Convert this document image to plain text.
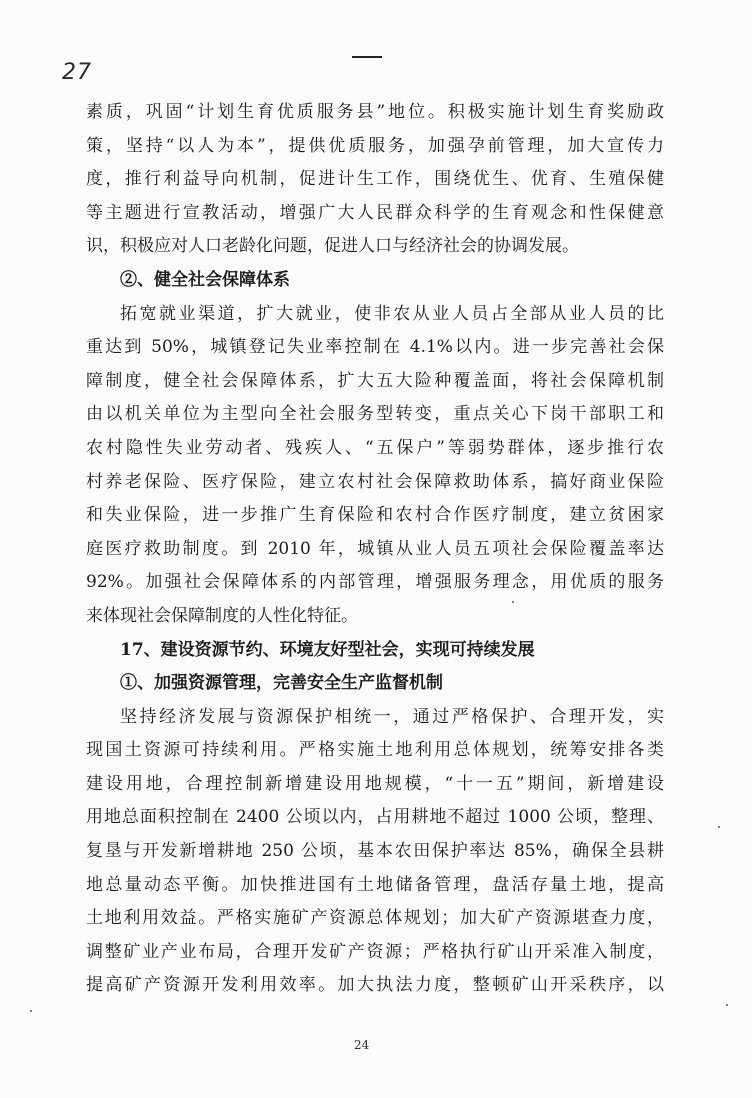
27
素质，巩固“计划生育优质服务县”地位。积极实施计划生育奖励政
策，坚持“以人为本”，提供优质服务，加强孕前管理，加大宣传力
度，推行利益导向机制，促进计生工作，围绕优生、优育、生殖保健
等主题进行宣教活动，增强广大人民群众科学的生育观念和性保健意
识，积极应对人口老龄化问题，促进人口与经济社会的协调发展。
②、健全社会保障体系
拓宽就业渠道，扩大就业，使非农从业人员占全部从业人员的比
重达到 50%，城镇登记失业率控制在 4.1%以内。进一步完善社会保
障制度，健全社会保障体系，扩大五大险种覆盖面，将社会保障机制
由以机关单位为主型向全社会服务型转变，重点关心下岗干部职工和
农村隐性失业劳动者、残疾人、“五保户”等弱势群体，逐步推行农
村养老保险、医疗保险，建立农村社会保障救助体系，搞好商业保险
和失业保险，进一步推广生育保险和农村合作医疗制度，建立贫困家
庭医疗救助制度。到 2010 年，城镇从业人员五项社会保险覆盖率达
92%。加强社会保障体系的内部管理，增强服务理念，用优质的服务
来体现社会保障制度的人性化特征。
17、建设资源节约、环境友好型社会，实现可持续发展
①、加强资源管理，完善安全生产监督机制
坚持经济发展与资源保护相统一，通过严格保护、合理开发，实
现国土资源可持续利用。严格实施土地利用总体规划，统筹安排各类
建设用地，合理控制新增建设用地规模，“十一五”期间，新增建设
用地总面积控制在 2400 公顷以内，占用耕地不超过 1000 公顷，整理、
复垦与开发新增耕地 250 公顷，基本农田保护率达 85%，确保全县耕
地总量动态平衡。加快推进国有土地储备管理，盘活存量土地，提高
土地利用效益。严格实施矿产资源总体规划；加大矿产资源堪查力度，
调整矿业产业布局，合理开发矿产资源；严格执行矿山开采准入制度，
提高矿产资源开发利用效率。加大执法力度，整顿矿山开采秩序，以
24
